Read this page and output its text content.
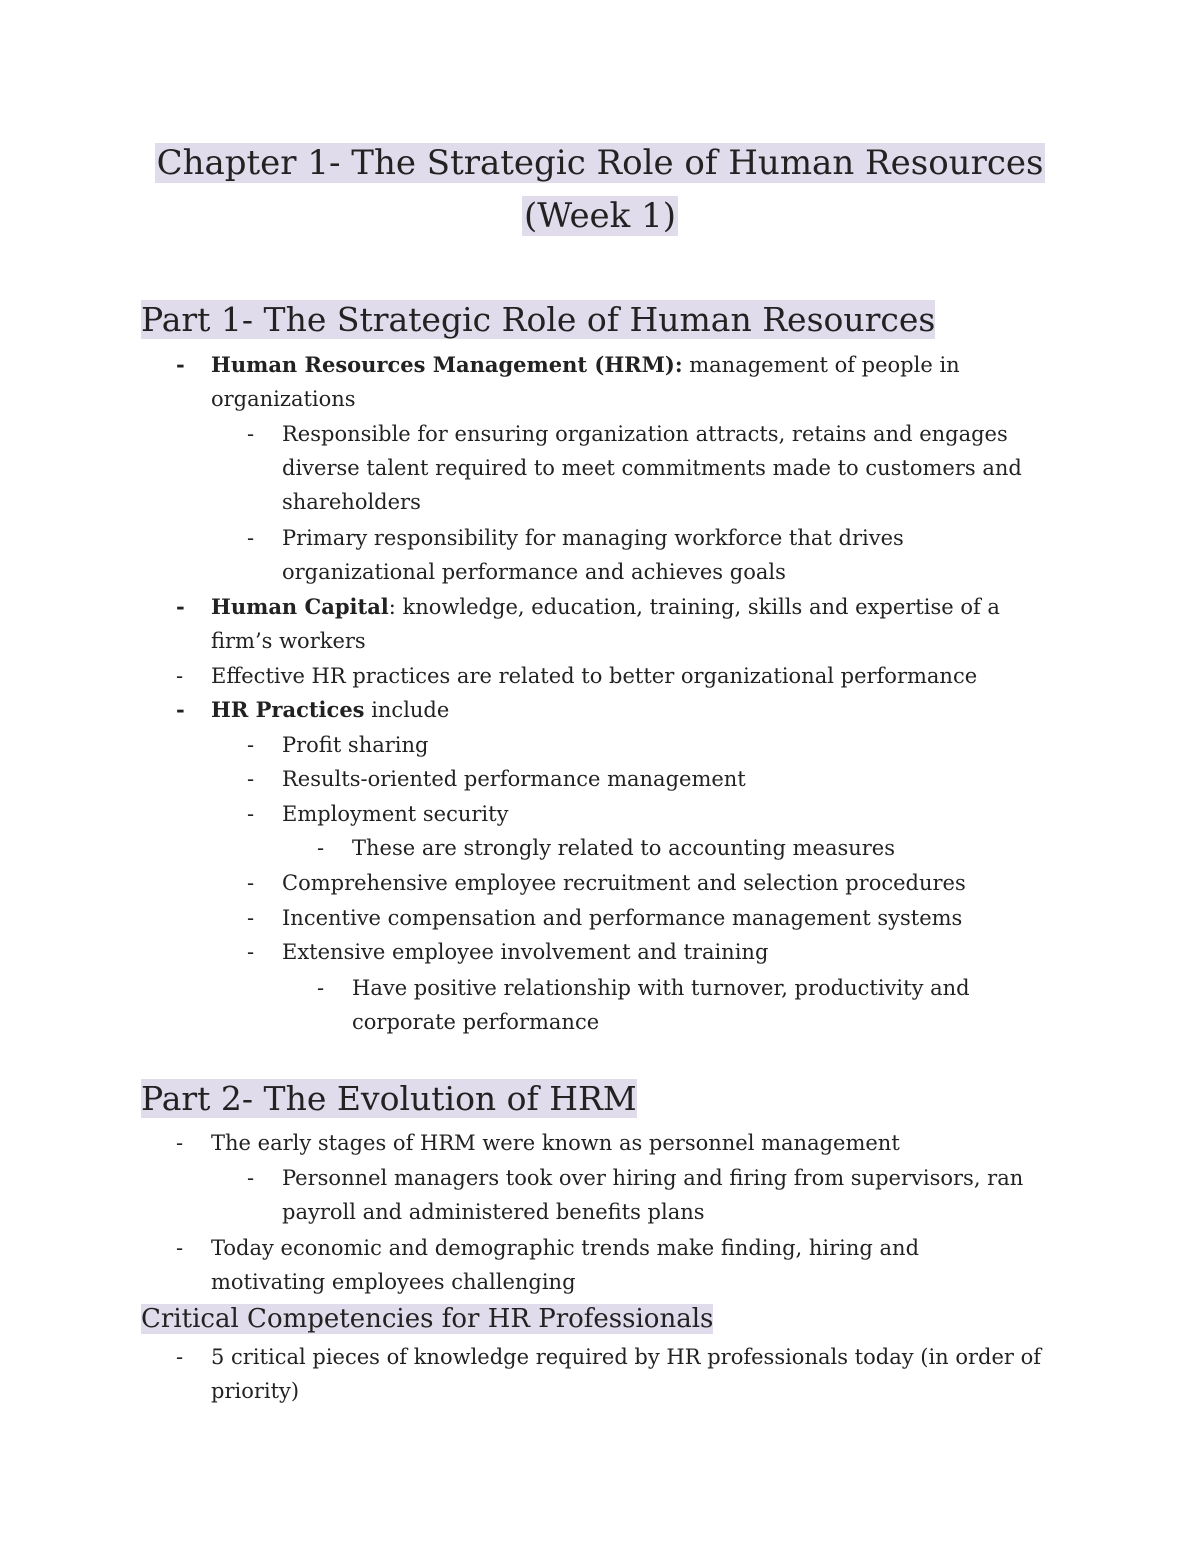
Chapter 1- The Strategic Role of Human Resources
(Week 1)
Part 1- The Strategic Role of Human Resources

- Human Resources Management (HRM): management of people in

organizations

- Responsible for ensuring organization attracts, retains and engages

diverse talent required to meet commitments made to customers and

shareholders

- Primary responsibility for managing workforce that drives

organizational performance and achieves goals

- Human Capital: knowledge, education, training, skills and expertise of a

firm’s workers

- Effective HR practices are related to better organizational performance

- HR Practices include

- Profit sharing

- Results-oriented performance management

- Employment security

- These are strongly related to accounting measures

- Comprehensive employee recruitment and selection procedures

- Incentive compensation and performance management systems

- Extensive employee involvement and training

- Have positive relationship with turnover, productivity and

corporate performance

Part 2- The Evolution of HRM

- The early stages of HRM were known as personnel management

- Personnel managers took over hiring and firing from supervisors, ran

payroll and administered benefits plans

- Today economic and demographic trends make finding, hiring and

motivating employees challenging

Critical Competencies for HR Professionals

- 5 critical pieces of knowledge required by HR professionals today (in order of

priority)
